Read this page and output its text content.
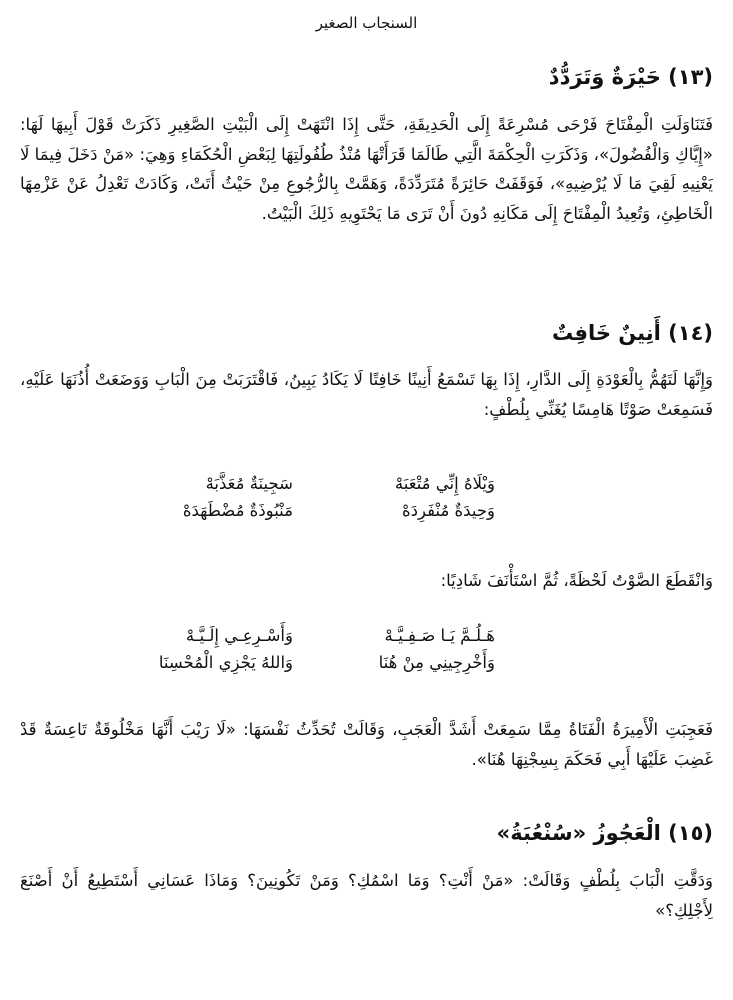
السنجاب الصغير
(١٣) حَيْرَةٌ وَتَرَدُّدٌ

فَتَنَاوَلَتِ الْمِفْتَاحَ فَرْحَى مُسْرِعَةً إِلَى الْحَدِيقَةِ، حَتَّى إِذَا انْتَهَتْ إِلَى الْبَيْتِ الصَّغِيرِ ذَكَرَتْ قَوْلَ أَبِيهَا لَهَا: «إِيَّاكِ وَالْفُضُولَ»، وَذَكَرَتِ الْحِكْمَةَ الَّتِي طَالَمَا قَرَأَتْهَا مُنْذُ طُفُولَتِهَا لِبَعْضِ الْحُكَمَاءِ وَهِيَ: «مَنْ دَخَلَ فِيمَا لَا يَعْنِيهِ لَقِيَ مَا لَا يُرْضِيهِ»، فَوَقَفَتْ حَائِرَةً مُتَرَدِّدَةً، وَهَمَّتْ بِالرُّجُوعِ مِنْ حَيْثُ أَتَتْ، وَكَادَتْ تَعْدِلُ عَنْ عَزْمِهَا الْخَاطِئِ، وَتُعِيدُ الْمِفْتَاحَ إِلَى مَكَانِهِ دُونَ أَنْ تَرَى مَا يَحْتَوِيهِ ذَلِكَ الْبَيْتُ.

(١٤) أَنِينٌ خَافِتٌ

وَإِنَّهَا لَتَهُمُّ بِالْعَوْدَةِ إِلَى الدَّارِ، إِذَا بِهَا تَسْمَعُ أَنِينًا خَافِتًا لَا يَكَادُ يَبِينُ، فَاقْتَرَبَتْ مِنَ الْبَابِ وَوَضَعَتْ أُذُنَهَا عَلَيْهِ، فَسَمِعَتْ صَوْتًا هَامِسًا يُغَنِّي بِلُطْفٍ:

وَيْلَاهُ إِنِّي مُتْعَبَهْ
سَجِينَةٌ مُعَذَّبَهْ
وَحِيدَةٌ مُنْفَرِدَهْ
مَنْبُوذَةٌ مُضْطَهَدَهْ

وَانْقَطَعَ الصَّوْتُ لَحْظَةً، ثُمَّ اسْتَأْنَفَ شَادِيًا:

هَـلُـمَّ يَـا صَـفِـيَّـهْ
وَأَسْـرِعِـي إِلَـيَّـهْ
وَأَخْرِجِينِي مِنْ هُنَا
وَاللهُ يَجْزِي الْمُحْسِنَا

فَعَجِبَتِ الْأَمِيرَةُ الْفَتَاةُ مِمَّا سَمِعَتْ أَشَدَّ الْعَجَبِ، وَقَالَتْ تُحَدِّثُ نَفْسَهَا: «لَا رَيْبَ أَنَّهَا مَخْلُوقَةٌ تَاعِسَةٌ قَدْ غَضِبَ عَلَيْهَا أَبِي فَحَكَمَ بِسِجْنِهَا هُنَا».

(١٥) الْعَجُوزُ «سُنْعُبَةُ»

وَدَقَّتِ الْبَابَ بِلُطْفٍ وَقَالَتْ: «مَنْ أَنْتِ؟ وَمَا اسْمُكِ؟ وَمَنْ تَكُونِينَ؟ وَمَاذَا عَسَانِي أَسْتَطِيعُ أَنْ أَصْنَعَ لِأَجْلِكِ؟»
